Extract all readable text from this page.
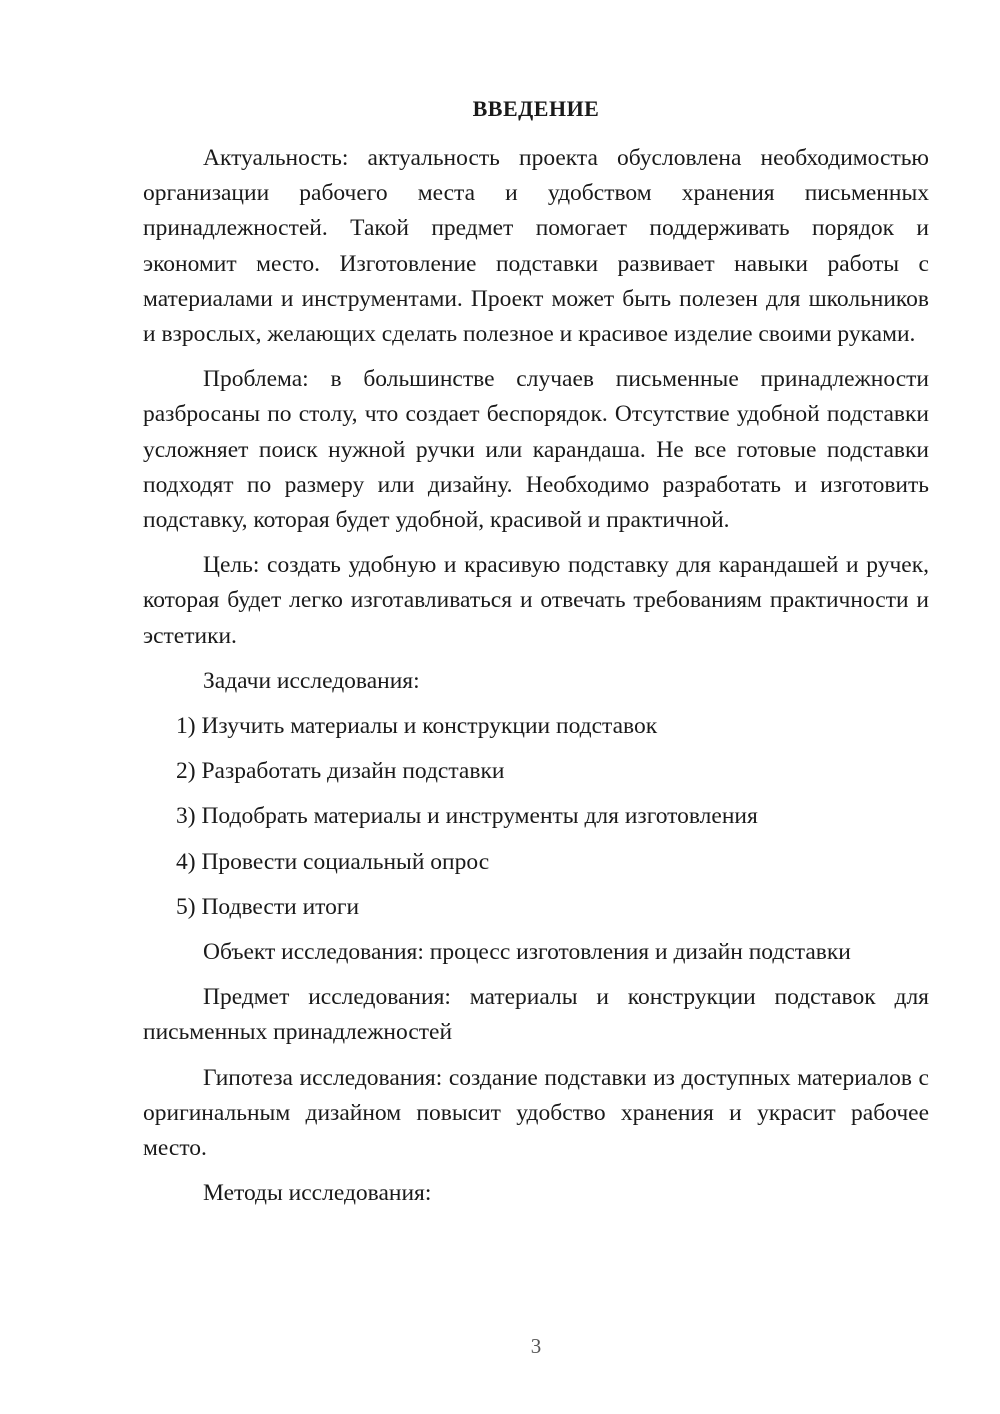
ВВЕДЕНИЕ

Актуальность: актуальность проекта обусловлена необходимостью организации рабочего места и удобством хранения письменных принадлежностей. Такой предмет помогает поддерживать порядок и экономит место. Изготовление подставки развивает навыки работы с материалами и инструментами. Проект может быть полезен для школьников и взрослых, желающих сделать полезное и красивое изделие своими руками.

Проблема: в большинстве случаев письменные принадлежности разбросаны по столу, что создает беспорядок. Отсутствие удобной подставки усложняет поиск нужной ручки или карандаша. Не все готовые подставки подходят по размеру или дизайну. Необходимо разработать и изготовить подставку, которая будет удобной, красивой и практичной.

Цель: создать удобную и красивую подставку для карандашей и ручек, которая будет легко изготавливаться и отвечать требованиям практичности и эстетики.

Задачи исследования:

1) Изучить материалы и конструкции подставок
2) Разработать дизайн подставки
3) Подобрать материалы и инструменты для изготовления
4) Провести социальный опрос
5) Подвести итоги

Объект исследования: процесс изготовления и дизайн подставки

Предмет исследования: материалы и конструкции подставок для письменных принадлежностей

Гипотеза исследования: создание подставки из доступных материалов с оригинальным дизайном повысит удобство хранения и украсит рабочее место.

Методы исследования:

3
